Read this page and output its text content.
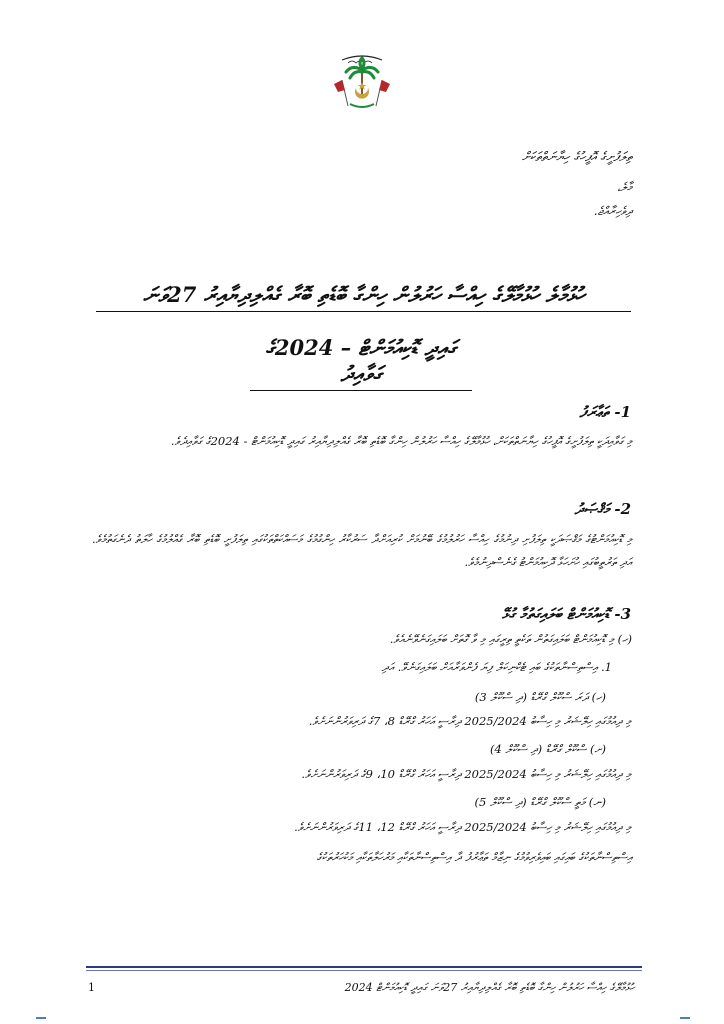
ތިލަފުށީގެ އޮފީހުގެ ހިޔާނަތްތަކަށް
މާލެ،
ދިވެހިރާއްޖެ.
ހުޅުމާލެ ހުޅުމާލޭގެ ހިއްސާ ހަރުލުން ހިންގާ ބޮޑެތި ބޮރާ ގެއްލިދިޔާއިރު 27ވަނަ
ގައިދީ ޑޮކިއުމަންޓް – 2024ގެ ގަވާއިދު
1- ތަޢާރަފު
މި ގަވާއިދަކީ ތިލަފުށީގެ އޮފީހުގެ ހިޔާނަތްތަކަށް، ހުޅުމާލޭގެ ހިއްސާ ހަރުލުން ހިންގާ ބޮޑެތި ބޮރާ ގެއްލިދިޔާއިރު ގައިދީ ޑޮކިއުމަންޓް - 2024ގެ ގަވާއިދެވެ.
2- މަޤްޞަދު
މި ޑޮކިއުމަންޓުގެ މަޤްޞަދަކީ ތިލަފުށި ދިނުމުގެ ހިއްސާ ހަރުލުމުގެ ބޭނުމަށް ކުރިއަށްދާ ސަރުކާރު ހިންގުމުގެ މަސައްކަތްތަކުގައި ތިލަފުށީ ބޮޑެތި ބޮރާ ގެއްލުމުގެ ހާލަތު ދެނެގަތުމެވެ. އަދި ތަރުތީބުގައި ހުށަހަޅާ ދޮކިއުމަންޓު ގެނެސްދިނުމެވެ.
3- ޑޮކިއުމަންޓް ބަލައިގަތުމާ ގުޅޭ
(ހ) މި ޑޮކިއުމަންޓް ބަލައިގަތުން ތަކެތީ ތިރީގައި މި ވާ ގޮތަށް ބަލައިގަނެވޭނެއެވެ.
1. އިސްތިސްނާތަކުގެ ބައި ޓެކްނިކަލް ފިޔަ ފެންވަރާއަށް ބަލައިގަނެވޭ. އަދި
(ހ) ދަރަ ސްކޫލް ގްރޭޑް (ދި ސްކޫލް 3)
މި ދިއުމުގައި ހިލޭޝަރު މި ހިސާބު 2025/2024 ދިރާސީ އަހަރު ގްރޭޑް 8، 7ގެ ދަރިވަރުންނަށެވެ.
(ށ) ސްކޫލް ގްރޭޑް (ދި ސްކޫލް 4)
މި ދިއުމުގައި ހިލޭޝަރު މި ހިސާބު 2025/2024 ދިރާސީ އަހަރު ގްރޭޑް 10، 9ގެ ދަރިވަރުންނަށެވެ.
(ނ) މަތީ ސްކޫލް ގްރޭޑް (ދި ސްކޫލް 5)
މި ދިއުމުގައި ހިލޭޝަރު މި ހިސާބު 2025/2024 ދިރާސީ އަހަރު ގްރޭޑް 12، 11ގެ ދަރިވަރުންނަށެވެ.
އިސްތިސްނާތަކުގެ ބައިގައި ބައިވެރިވުމުގެ ނިޒާމް ތަޢާރުފު ދާ އިސްތިސްނާތަކާއި މަރުހަލާތަކާއި މަކުހަރުތަކުގެ
ހުޅުމާލޭގެ ހިއްސާ ހަރުލުން ހިންގާ ބޮޑެތި ބޮރާ ގެއްލިދިޔާއިރު 27ވަނަ ގައިދީ ޑޮކިއުމަންޓް 2024
1
